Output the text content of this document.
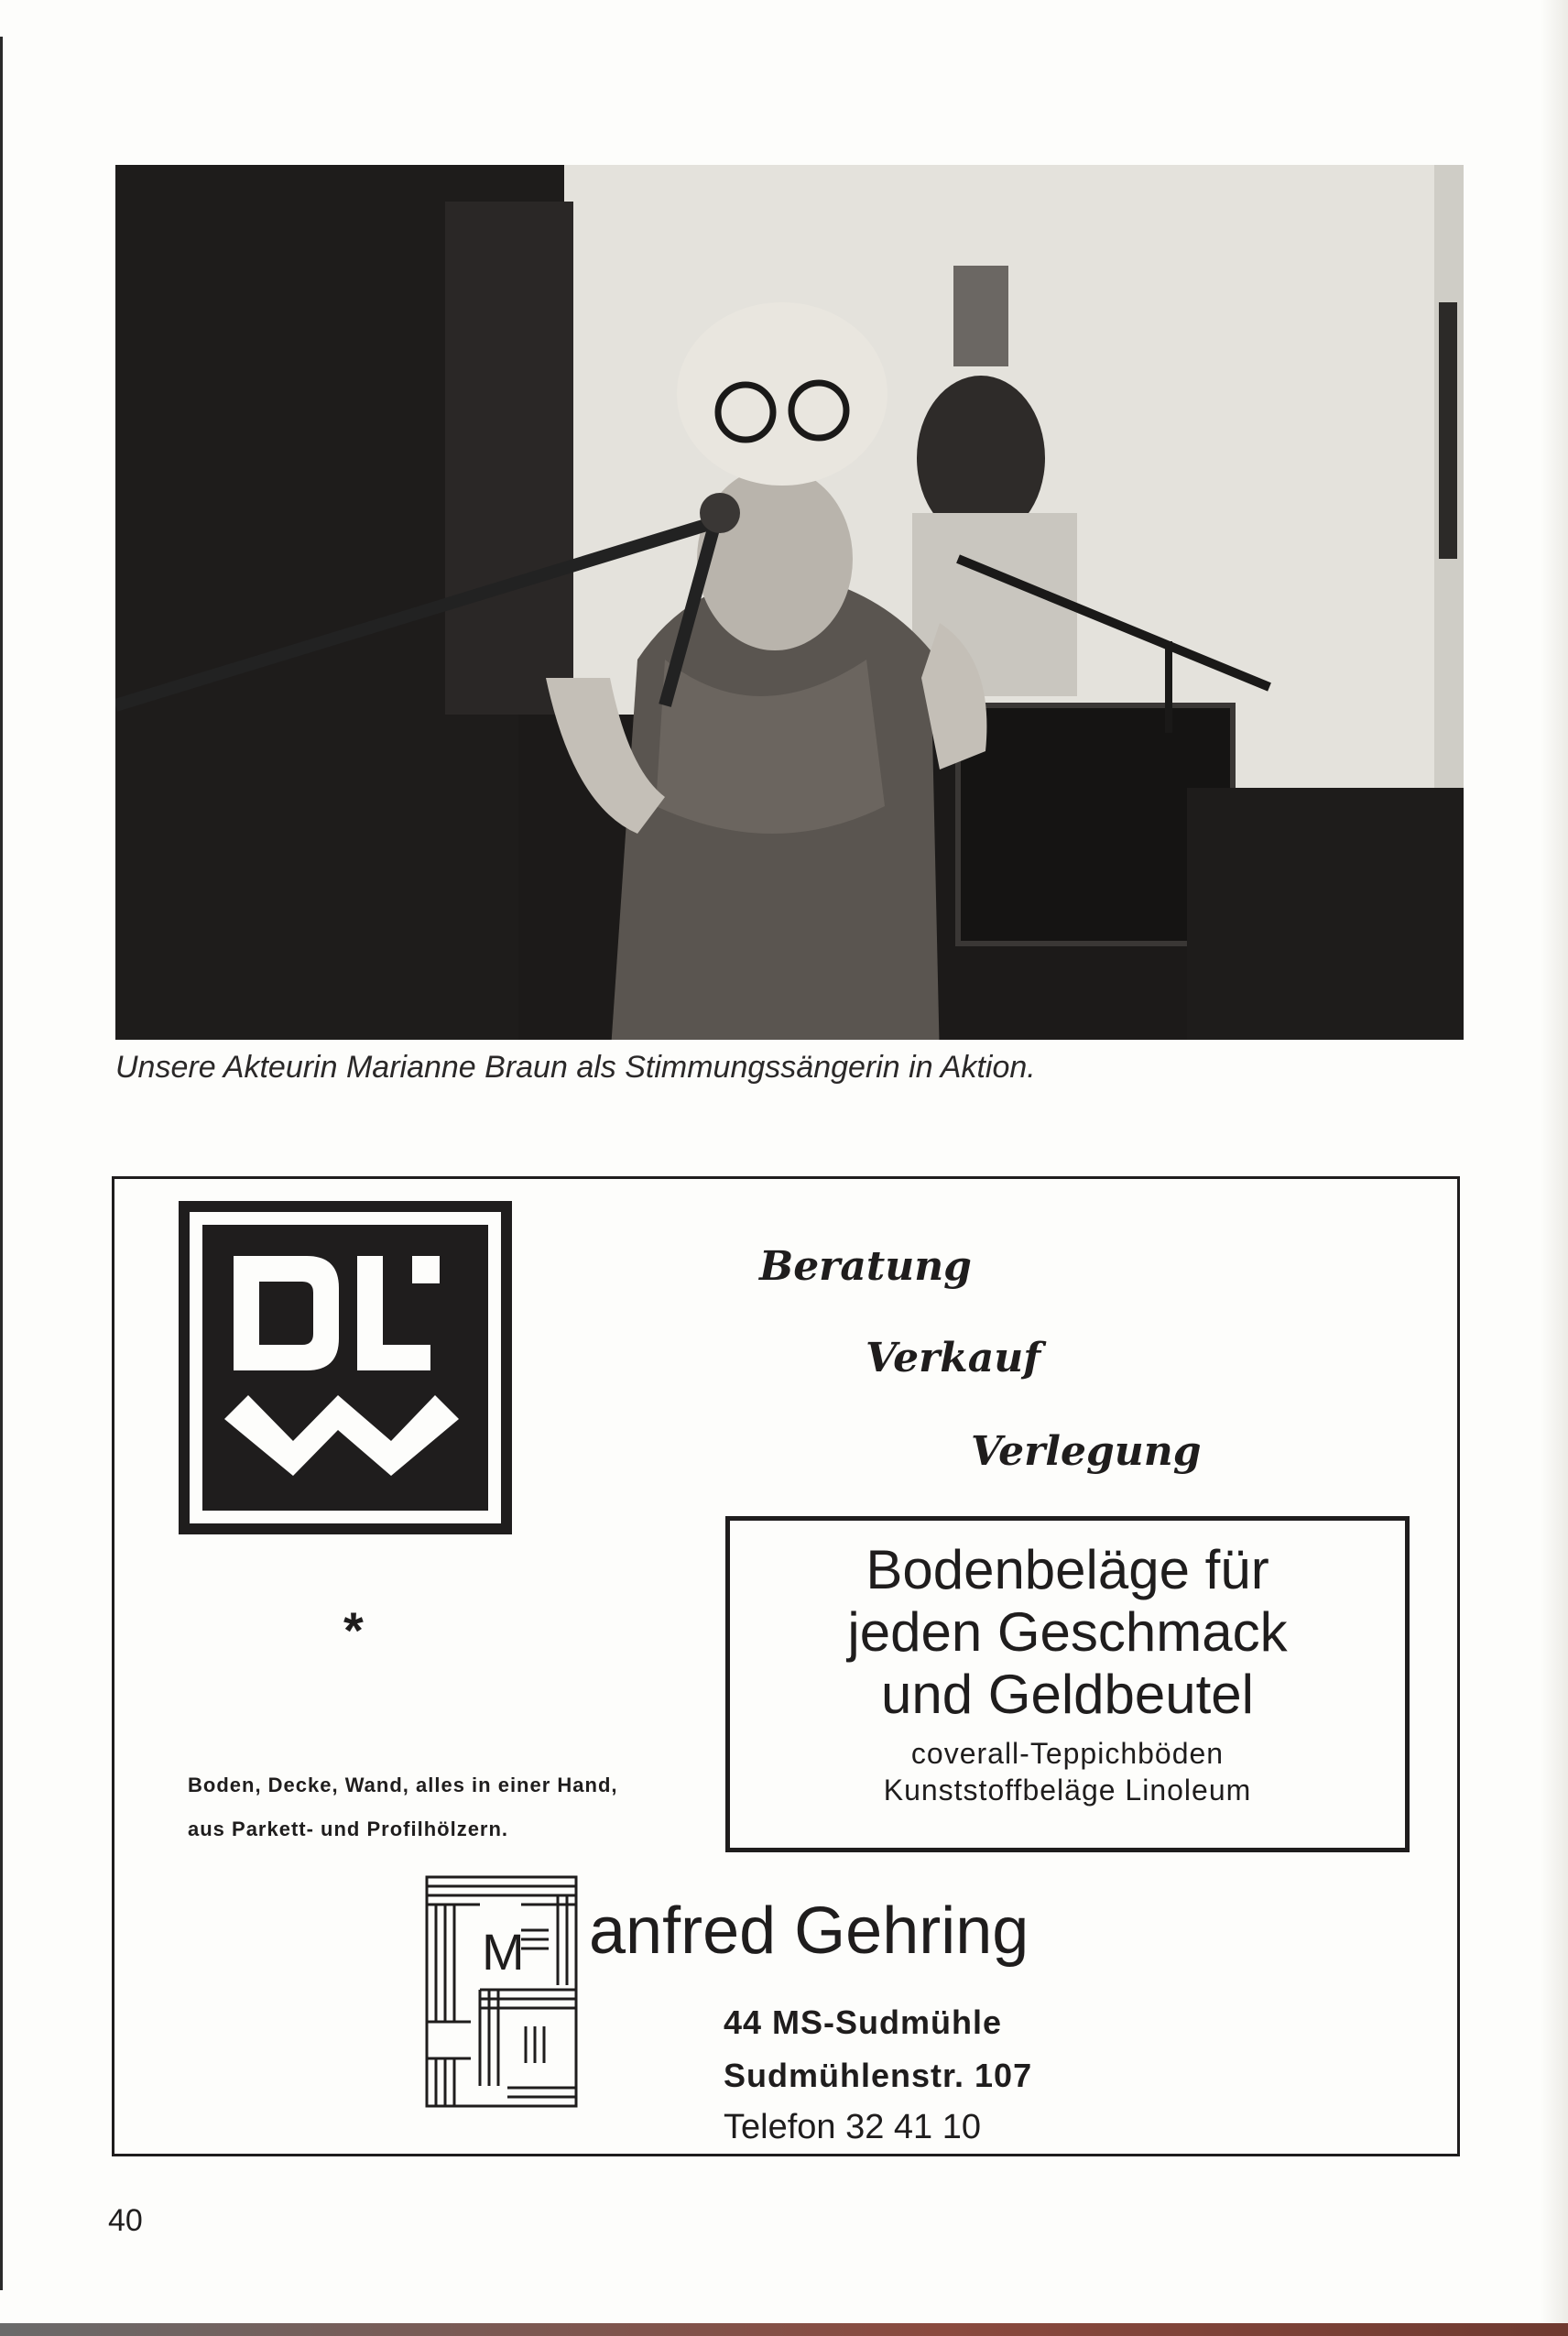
Unsere Akteurin Marianne Braun als Stimmungssängerin in Aktion.
*
Boden, Decke, Wand, alles in einer Hand,
aus Parkett- und Profilhölzern.
Beratung
Verkauf
Verlegung
Bodenbeläge für
jeden Geschmack
und Geldbeutel
coverall-Teppichböden
Kunststoffbeläge Linoleum
M anfred Gehring
44 MS-Sudmühle
Sudmühlenstr. 107
Telefon 32 41 10
40
